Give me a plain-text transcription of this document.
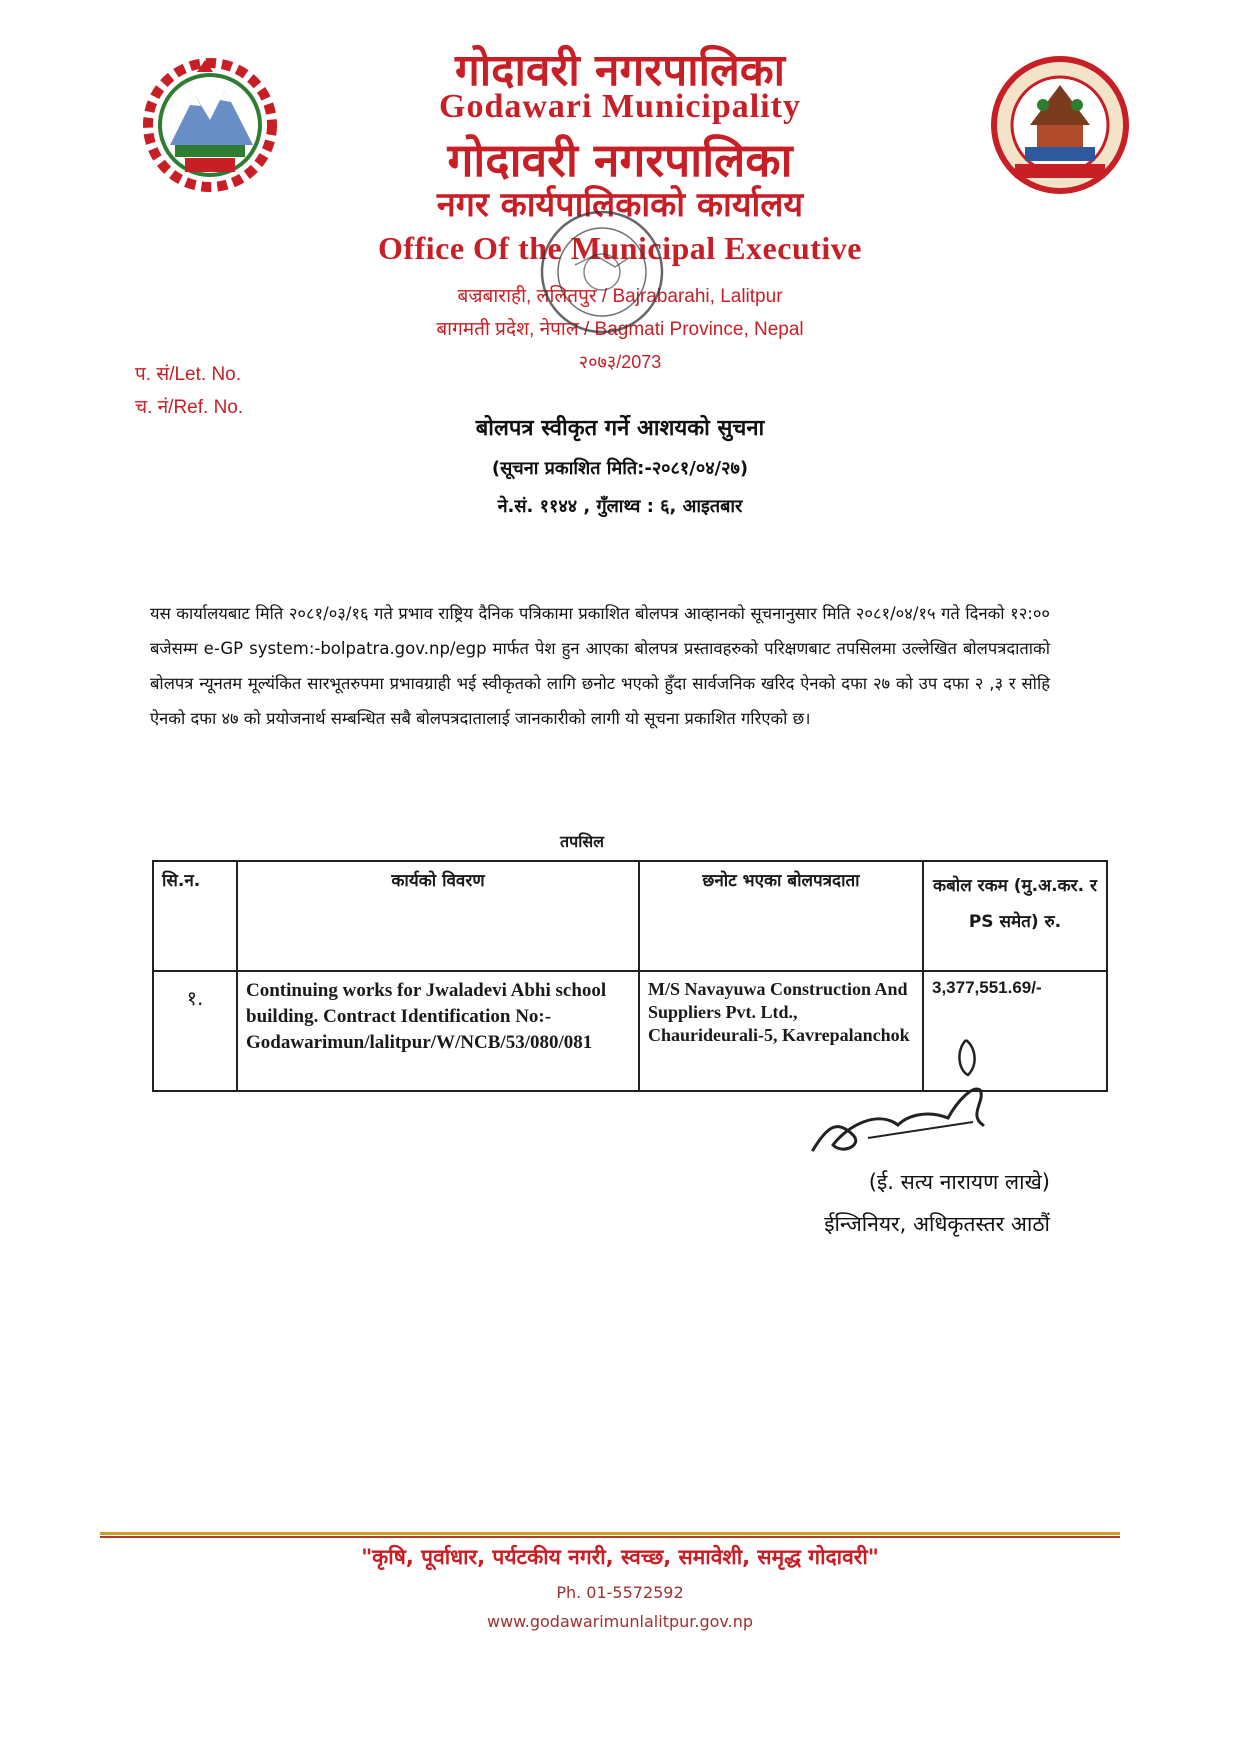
गोदावरी नगरपालिका
Godawari Municipality
गोदावरी नगरपालिका
नगर कार्यपालिकाको कार्यालय
Office Of the Municipal Executive
बज्रबाराही, ललितपुर / Bajrabarahi, Lalitpur
बागमती प्रदेश, नेपाल / Bagmati Province, Nepal
२०७३/2073
प. सं/Let. No.
च. नं/Ref. No.
बोलपत्र स्वीकृत गर्ने आशयको सुचना
(सूचना प्रकाशित मिति:-२०८१/०४/२७)
ने.सं. ११४४ , गुँलाथ्व : ६, आइतबार

यस कार्यालयबाट मिति २०८१/०३/१६ गते प्रभाव राष्ट्रिय दैनिक पत्रिकामा प्रकाशित बोलपत्र आव्हानको सूचनानुसार मिति २०८१/०४/१५ गते दिनको १२:०० बजेसम्म e-GP system:-bolpatra.gov.np/egp मार्फत पेश हुन आएका बोलपत्र प्रस्तावहरुको परिक्षणबाट तपसिलमा उल्लेखित बोलपत्रदाताको बोलपत्र न्यूनतम मूल्यंकित सारभूतरुपमा प्रभावग्राही भई स्वीकृतको लागि छनोट भएको हुँदा सार्वजनिक खरिद ऐनको दफा २७ को उप दफा २ ,३ र सोहि ऐनको दफा ४७ को प्रयोजनार्थ सम्बन्धित सबै बोलपत्रदातालाई जानकारीको लागी यो सूचना प्रकाशित गरिएको छ।

तपसिल
सि.न.	कार्यको विवरण	छनोट भएका बोलपत्रदाता	कबोल रकम (मु.अ.कर. र PS समेत) रु.
१.	Continuing works for Jwaladevi Abhi school building. Contract Identification No:-Godawarimun/lalitpur/W/NCB/53/080/081	M/S Navayuwa Construction And Suppliers Pvt. Ltd., Chaurideurali-5, Kavrepalanchok	3,377,551.69/-
(ई. सत्य नारायण लाखे)
ईन्जिनियर, अधिकृतस्तर आठौं
"कृषि, पूर्वाधार, पर्यटकीय नगरी, स्वच्छ, समावेशी, समृद्ध गोदावरी"
Ph. 01-5572592
www.godawarimunlalitpur.gov.np
